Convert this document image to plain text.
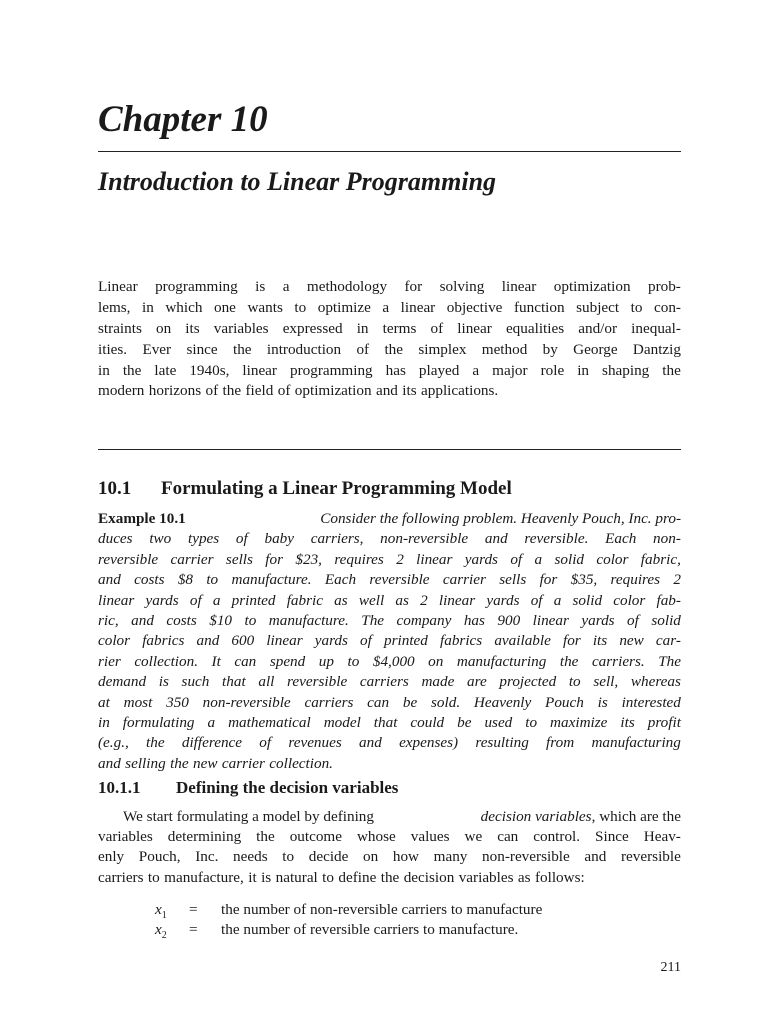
Chapter 10
Introduction to Linear Programming
Linear programming is a methodology for solving linear optimization prob-
lems, in which one wants to optimize a linear objective function subject to con-
straints on its variables expressed in terms of linear equalities and/or inequal-
ities. Ever since the introduction of the simplex method by George Dantzig
in the late 1940s, linear programming has played a major role in shaping the
modern horizons of the field of optimization and its applications.
10.1 Formulating a Linear Programming Model
Example 10.1	Consider the following problem. Heavenly Pouch, Inc. pro-
duces two types of baby carriers, non-reversible and reversible. Each non-
reversible carrier sells for $23, requires 2 linear yards of a solid color fabric,
and costs $8 to manufacture. Each reversible carrier sells for $35, requires 2
linear yards of a printed fabric as well as 2 linear yards of a solid color fab-
ric, and costs $10 to manufacture. The company has 900 linear yards of solid
color fabrics and 600 linear yards of printed fabrics available for its new car-
rier collection. It can spend up to $4,000 on manufacturing the carriers. The
demand is such that all reversible carriers made are projected to sell, whereas
at most 350 non-reversible carriers can be sold. Heavenly Pouch is interested
in formulating a mathematical model that could be used to maximize its profit
(e.g., the difference of revenues and expenses) resulting from manufacturing
and selling the new carrier collection.
10.1.1 Defining the decision variables
We start formulating a model by defining	decision variables, which are the
variables determining the outcome whose values we can control. Since Heav-
enly Pouch, Inc. needs to decide on how many non-reversible and reversible
carriers to manufacture, it is natural to define the decision variables as follows:
$x_1$	=	the number of non-reversible carriers to manufacture
$x_2$	=	the number of reversible carriers to manufacture.
211
